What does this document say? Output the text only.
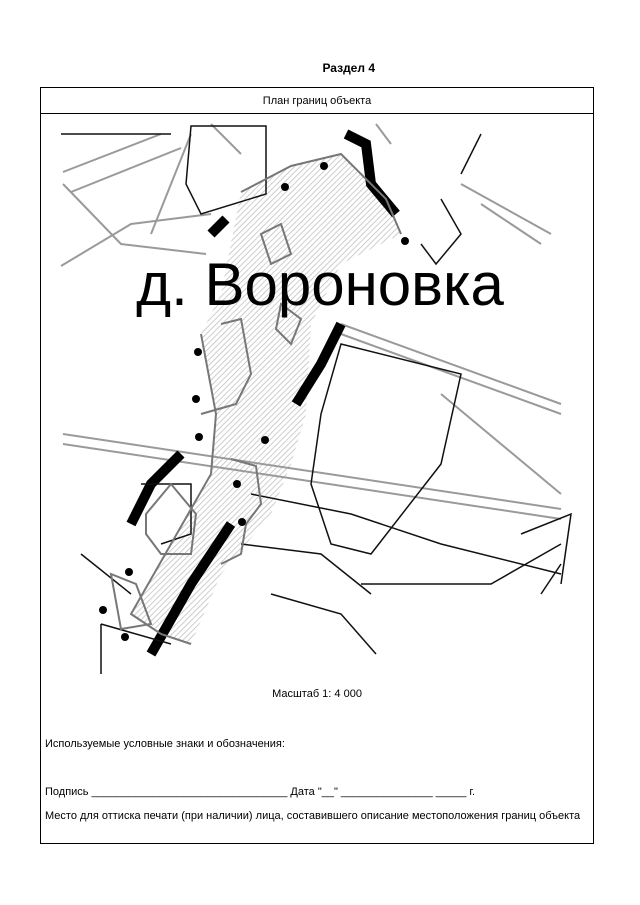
Раздел 4
План границ объекта
Масштаб 1: 4 000
Используемые условные знаки и обозначения:
Подпись ________________________________ Дата "__" _______________ _____ г.
Место для оттиска печати (при наличии) лица, составившего описание местоположения границ объекта
д. Вороновка
